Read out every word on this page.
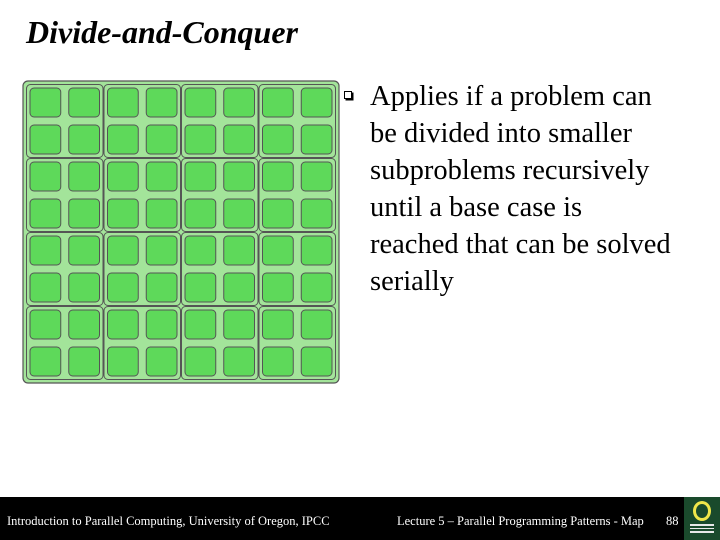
Divide-and-Conquer
Applies if a problem can
be divided into smaller
subproblems recursively
until a base case is
reached that can be solved
serially
Introduction to Parallel Computing, University of Oregon, IPCC	Lecture 5 – Parallel Programming Patterns - Map 88
